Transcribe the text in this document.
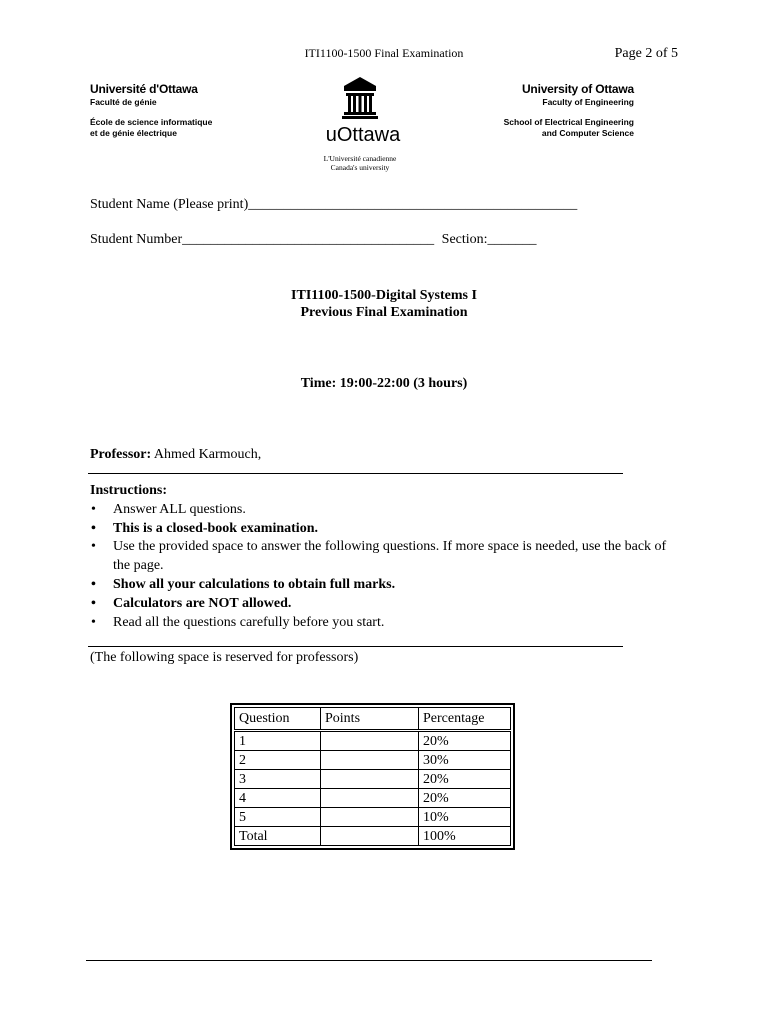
ITI1100-1500 Final Examination	Page 2 of 5
Université d'Ottawa
Faculté de génie
École de science informatique
et de génie électrique	uOttawa
L'Université canadienne
Canada's university
University of Ottawa
Faculty of Engineering
School of Electrical Engineering
and Computer Science
Student Name (Please print)_______________________________________________
Student Number____________________________________ Section:_______
ITI1100-1500-Digital Systems I
Previous Final Examination
Time: 19:00-22:00 (3 hours)
Professor: Ahmed Karmouch,
Instructions:
• Answer ALL questions.
• This is a closed-book examination.
• Use the provided space to answer the following questions. If more space is needed, use the back of the page.
• Show all your calculations to obtain full marks.
• Calculators are NOT allowed.
• Read all the questions carefully before you start.
(The following space is reserved for professors)
Question	Points	Percentage
1		20%
2		30%
3		20%
4		20%
5		10%
Total		100%
